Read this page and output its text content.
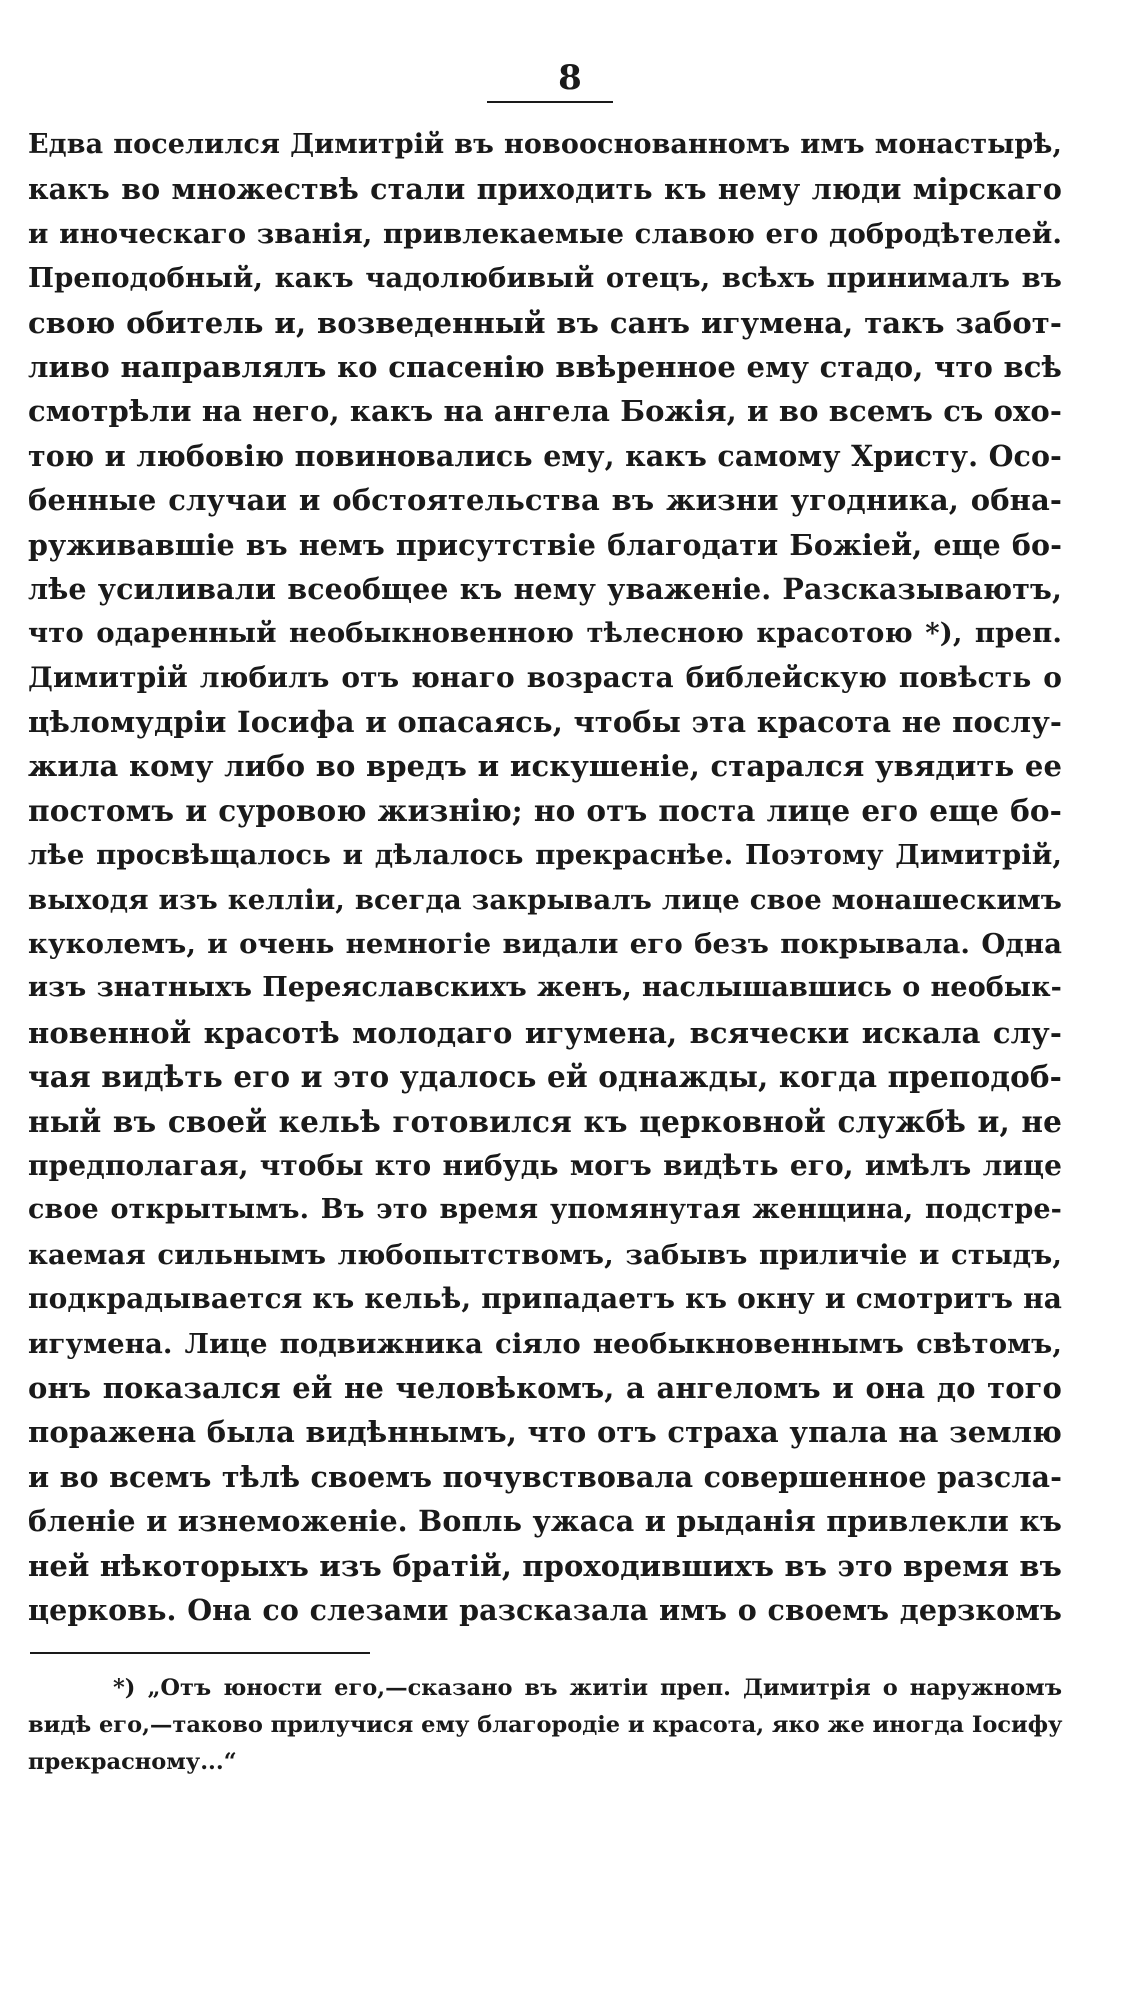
8
Едва поселился Димитрій въ новооснованномъ имъ монастырѣ,
какъ во множествѣ стали приходить къ нему люди мірскаго
и иноческаго званія, привлекаемые славою его добродѣтелей.
Преподобный, какъ чадолюбивый отецъ, всѣхъ принималъ въ
свою обитель и, возведенный въ санъ игумена, такъ забот-
ливо направлялъ ко спасенію ввѣренное ему стадо, что всѣ
смотрѣли на него, какъ на ангела Божія, и во всемъ съ охо-
тою и любовію повиновались ему, какъ самому Христу. Осо-
бенные случаи и обстоятельства въ жизни угодника, обна-
руживавшіе въ немъ присутствіе благодати Божіей, еще бо-
лѣе усиливали всеобщее къ нему уваженіе. Разсказываютъ,
что одаренный необыкновенною тѣлесною красотою *), преп.
Димитрій любилъ отъ юнаго возраста библейскую повѣсть о
цѣломудріи Іосифа и опасаясь, чтобы эта красота не послу-
жила кому либо во вредъ и искушеніе, старался увядить ее
постомъ и суровою жизнію; но отъ поста лице его еще бо-
лѣе просвѣщалось и дѣлалось прекраснѣе. Поэтому Димитрій,
выходя изъ келліи, всегда закрывалъ лице свое монашескимъ
куколемъ, и очень немногіе видали его безъ покрывала. Одна
изъ знатныхъ Переяславскихъ женъ, наслышавшись о необык-
новенной красотѣ молодаго игумена, всячески искала слу-
чая видѣть его и это удалось ей однажды, когда преподоб-
ный въ своей кельѣ готовился къ церковной службѣ и, не
предполагая, чтобы кто нибудь могъ видѣть его, имѣлъ лице
свое открытымъ. Въ это время упомянутая женщина, подстре-
каемая сильнымъ любопытствомъ, забывъ приличіе и стыдъ,
подкрадывается къ кельѣ, припадаетъ къ окну и смотритъ на
игумена. Лице подвижника сіяло необыкновеннымъ свѣтомъ,
онъ показался ей не человѣкомъ, а ангеломъ и она до того
поражена была видѣннымъ, что отъ страха упала на землю
и во всемъ тѣлѣ своемъ почувствовала совершенное разсла-
бленіе и изнеможеніе. Вопль ужаса и рыданія привлекли къ
ней нѣкоторыхъ изъ братій, проходившихъ въ это время въ
церковь. Она со слезами разсказала имъ о своемъ дерзкомъ
*) „Отъ юности его,—сказано въ житіи преп. Димитрія о наружномъ
видѣ его,—таково прилучися ему благородіе и красота, яко же иногда Іосифу
прекрасному...“
